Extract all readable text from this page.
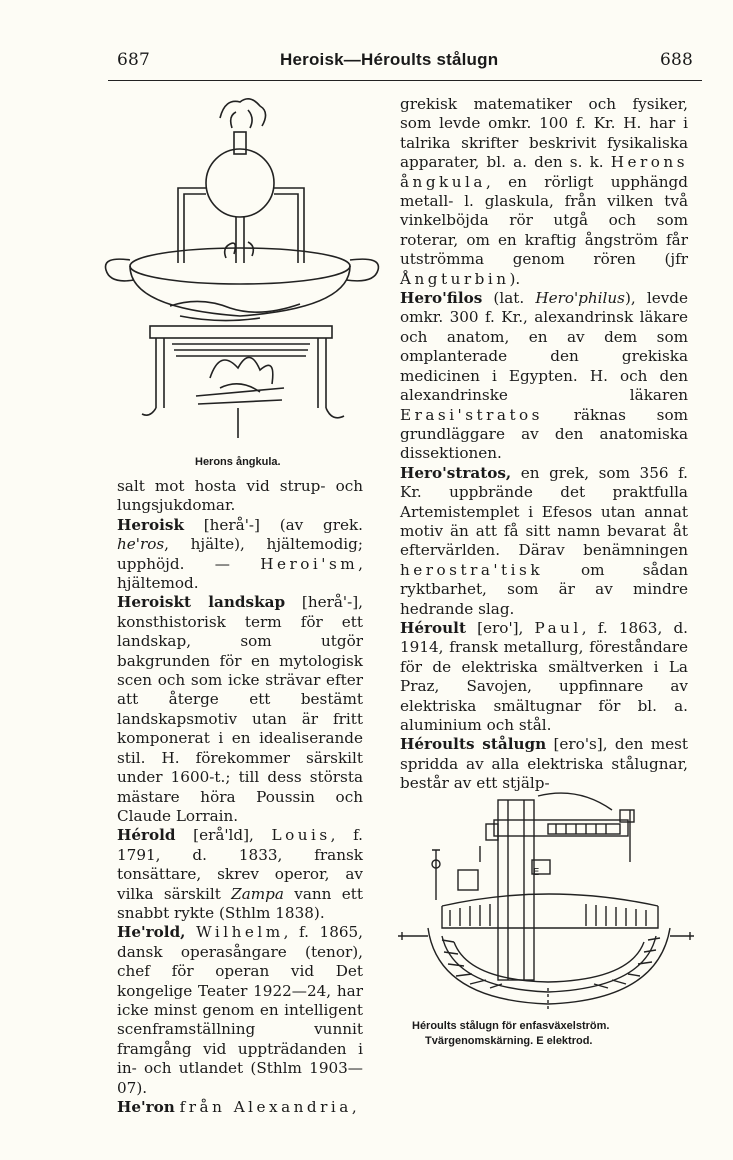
687	Heroisk—Héroults stålugn	688
Herons ångkula.

salt mot hosta vid strup- och lungsjukdomar.

Heroisk [herå'-] (av grek. he'ros, hjälte), hjältemodig; upphöjd. — Heroi'sm, hjältemod.

Heroiskt landskap [herå'-], konsthistorisk term för ett landskap, som utgör bakgrunden för en mytologisk scen och som icke strävar efter att återge ett bestämt landskapsmotiv utan är fritt komponerat i en idealiserande stil. H. förekommer särskilt under 1600-t.; till dess största mästare höra Poussin och Claude Lorrain.

Hérold [erå'ld], Louis, f. 1791, d. 1833, fransk tonsättare, skrev operor, av vilka särskilt Zampa vann ett snabbt rykte (Sthlm 1838).

He'rold, Wilhelm, f. 1865, dansk operasångare (tenor), chef för operan vid Det kongelige Teater 1922—24, har icke minst genom en intelligent scenframställning vunnit framgång vid uppträdanden i in- och utlandet (Sthlm 1903—07).

He'ron från Alexandria,

grekisk matematiker och fysiker, som levde omkr. 100 f. Kr. H. har i talrika skrifter beskrivit fysikaliska apparater, bl. a. den s. k. Herons ångkula, en rörligt upphängd metall- l. glaskula, från vilken två vinkelböjda rör utgå och som roterar, om en kraftig ångström får utströmma genom rören (jfr Ångturbin).

Hero'filos (lat. Hero'philus), levde omkr. 300 f. Kr., alexandrinsk läkare och anatom, en av dem som omplanterade den grekiska medicinen i Egypten. H. och den alexandrinske läkaren Erasi'stratos räknas som grundläggare av den anatomiska dissektionen.

Hero'stratos, en grek, som 356 f. Kr. uppbrände det praktfulla Artemistemplet i Efesos utan annat motiv än att få sitt namn bevarat åt eftervärlden. Därav benämningen herostra'tisk om sådan ryktbarhet, som är av mindre hedrande slag.

Héroult [ero'], Paul, f. 1863, d. 1914, fransk metallurg, föreståndare för de elektriska smältverken i La Praz, Savojen, uppfinnare av elektriska smältugnar för bl. a. aluminium och stål.

Héroults stålugn [ero's], den mest spridda av alla elektriska stålugnar, består av ett stjälp-

E
Héroults stålugn för enfasväxelström.
Tvärgenomskärning. E elektrod.
